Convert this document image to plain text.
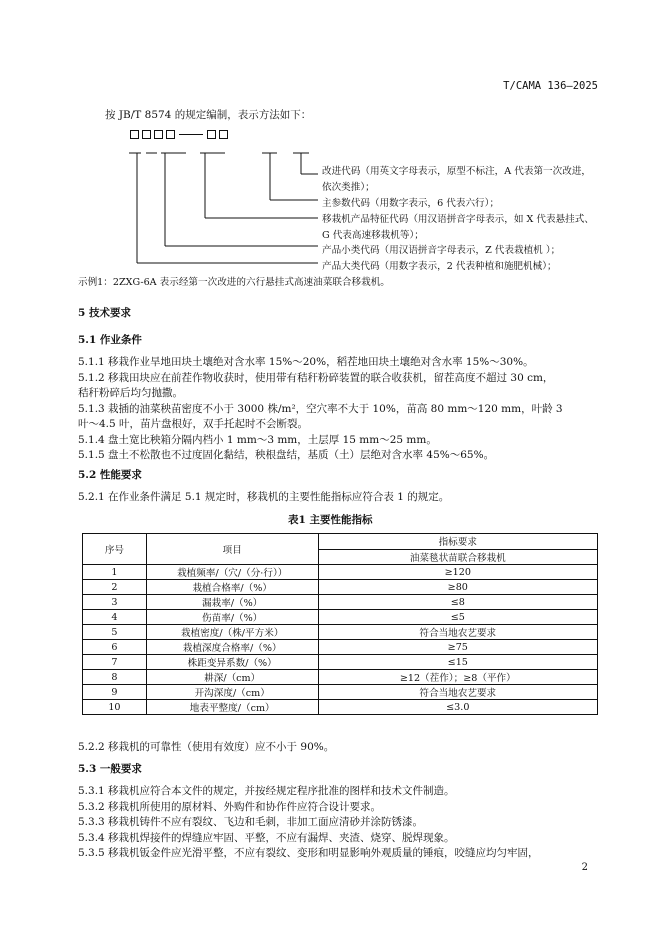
T/CAMA 136—2025
按 JB/T 8574 的规定编制，表示方法如下：
改进代码（用英文字母表示，原型不标注，A 代表第一次改进，
依次类推）；
主参数代码（用数字表示，6 代表六行）；
移栽机产品特征代码（用汉语拼音字母表示，如 X 代表悬挂式、
G 代表高速移栽机等）；
产品小类代码（用汉语拼音字母表示，Z 代表栽植机 ）；
产品大类代码（用数字表示，2 代表种植和施肥机械）；
示例1：2ZXG-6A 表示经第一次改进的六行悬挂式高速油菜联合移栽机。
5 技术要求
5.1 作业条件
5.1.1 移栽作业旱地田块土壤绝对含水率 15%～20%，稻茬地田块土壤绝对含水率 15%～30%。
5.1.2 移栽田块应在前茬作物收获时，使用带有秸秆粉碎装置的联合收获机，留茬高度不超过 30 cm，
秸秆粉碎后均匀抛撒。
5.1.3 栽插的油菜秧苗密度不小于 3000 株/m²，空穴率不大于 10%，苗高 80 mm～120 mm，叶龄 3
叶～4.5 叶，苗片盘根好，双手托起时不会断裂。
5.1.4 盘土宽比秧箱分隔内档小 1 mm～3 mm，土层厚 15 mm～25 mm。
5.1.5 盘土不松散也不过度固化黏结，秧根盘结，基质（土）层绝对含水率 45%～65%。
5.2 性能要求
5.2.1 在作业条件满足 5.1 规定时，移栽机的主要性能指标应符合表 1 的规定。
表1 主要性能指标
序号	项目	指标要求
		油菜毯状苗联合移栽机
1	栽植频率/（穴/（分·行））	≥120
2	栽植合格率/（%）	≥80
3	漏栽率/（%）	≤8
4	伤苗率/（%）	≤5
5	栽植密度/（株/平方米）	符合当地农艺要求
6	栽植深度合格率/（%）	≥75
7	株距变异系数/（%）	≤15
8	耕深/（cm）	≥12（茬作）；≥8（平作）
9	开沟深度/（cm）	符合当地农艺要求
10	地表平整度/（cm）	≤3.0
5.2.2 移栽机的可靠性（使用有效度）应不小于 90%。
5.3 一般要求
5.3.1 移栽机应符合本文件的规定，并按经规定程序批准的图样和技术文件制造。
5.3.2 移栽机所使用的原材料、外购件和协作件应符合设计要求。
5.3.3 移栽机铸件不应有裂纹、飞边和毛刺，非加工面应清砂并涂防锈漆。
5.3.4 移栽机焊接件的焊缝应牢固、平整，不应有漏焊、夹渣、烧穿、脱焊现象。
5.3.5 移栽机钣金件应光滑平整，不应有裂纹、变形和明显影响外观质量的锤痕，咬缝应均匀牢固，
2
